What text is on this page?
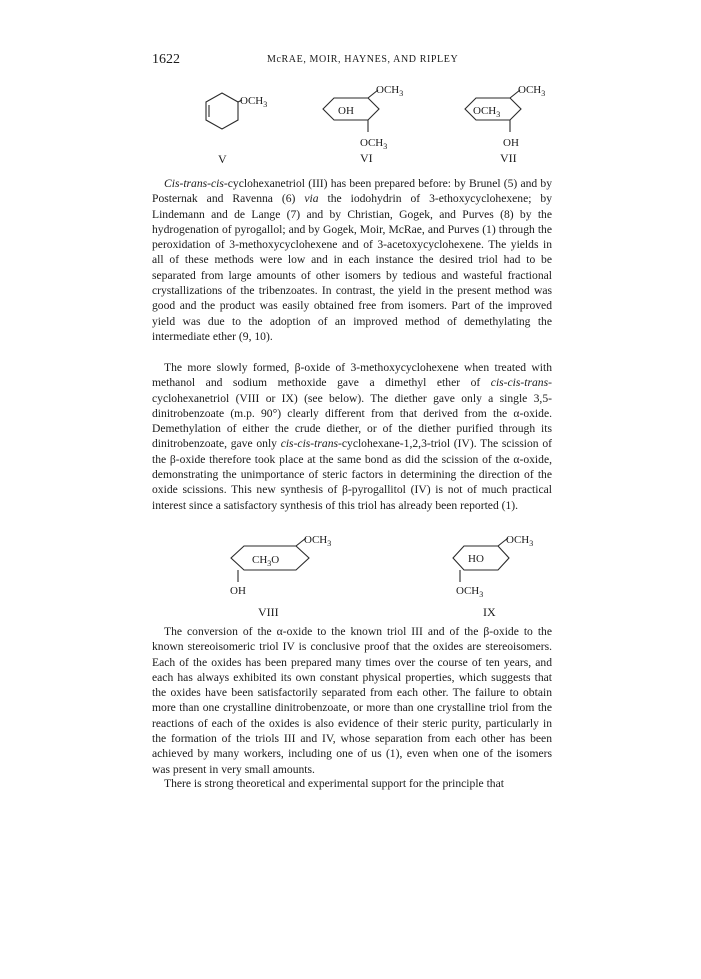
1622	McRAE, MOIR, HAYNES, AND RIPLEY
$OCH_3$
V
$OCH_3$
OH
$OCH_3$
VI
$OCH_3$
$OCH_3$
OH
VII

Cis-trans-cis-cyclohexanetriol (III) has been prepared before: by Brunel (5) and by Posternak and Ravenna (6) via the iodohydrin of 3-ethoxycyclohexene; by Lindemann and de Lange (7) and by Christian, Gogek, and Purves (8) by the hydrogenation of pyrogallol; and by Gogek, Moir, McRae, and Purves (1) through the peroxidation of 3-methoxycyclohexene and of 3-acetoxycyclohexene. The yields in all of these methods were low and in each instance the desired triol had to be separated from large amounts of other isomers by tedious and wasteful fractional crystallizations of the tribenzoates. In contrast, the yield in the present method was good and the product was easily obtained free from isomers. Part of the improved yield was due to the adoption of an improved method of demethylating the intermediate ether (9, 10).

The more slowly formed, β-oxide of 3-methoxycyclohexene when treated with methanol and sodium methoxide gave a dimethyl ether of cis-cis-trans-cyclohexanetriol (VIII or IX) (see below). The diether gave only a single 3,5-dinitrobenzoate (m.p. 90°) clearly different from that derived from the α-oxide. Demethylation of either the crude diether, or of the diether purified through its dinitrobenzoate, gave only cis-cis-trans-cyclohexane-1,2,3-triol (IV). The scission of the β-oxide therefore took place at the same bond as did the scission of the α-oxide, demonstrating the unimportance of steric factors in determining the direction of the oxide scissions. This new synthesis of β-pyrogallitol (IV) is not of much practical interest since a satisfactory synthesis of this triol has already been reported (1).

$OCH_3$
$CH_3O$
OH
VIII
$OCH_3$
HO
$OCH_3$
IX

The conversion of the α-oxide to the known triol III and of the β-oxide to the known stereoisomeric triol IV is conclusive proof that the oxides are stereoisomers. Each of the oxides has been prepared many times over the course of ten years, and each has always exhibited its own constant physical properties, which suggests that the oxides have been satisfactorily separated from each other. The failure to obtain more than one crystalline dinitrobenzoate, or more than one crystalline triol from the reactions of each of the oxides is also evidence of their steric purity, particularly in the formation of the triols III and IV, whose separation from each other has been achieved by many workers, including one of us (1), even when one of the isomers was present in very small amounts.

There is strong theoretical and experimental support for the principle that
